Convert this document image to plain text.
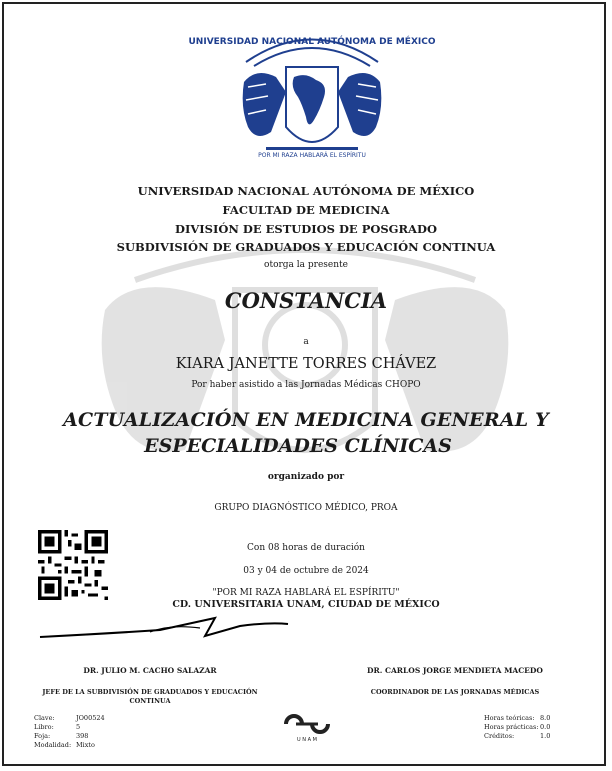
UNIVERSIDAD NACIONAL AUTÓNOMA DE MÉXICO
POR MI RAZA HABLARÁ EL ESPÍRITU
UNIVERSIDAD NACIONAL AUTÓNOMA DE MÉXICO
FACULTAD DE MEDICINA
DIVISIÓN DE ESTUDIOS DE POSGRADO
SUBDIVISIÓN DE GRADUADOS Y EDUCACIÓN CONTINUA
otorga la presente
CONSTANCIA
a
KIARA JANETTE TORRES CHÁVEZ
Por haber asistido a las Jornadas Médicas CHOPO
ACTUALIZACIÓN EN MEDICINA GENERAL Y
ESPECIALIDADES CLÍNICAS
organizado por
GRUPO DIAGNÓSTICO MÉDICO, PROA
Con 08 horas de duración
03 y 04 de octubre de 2024
"POR MI RAZA HABLARÁ EL ESPÍRITU"
CD. UNIVERSITARIA UNAM, CIUDAD DE MÉXICO
DR. JULIO M. CACHO SALAZAR
JEFE DE LA SUBDIVISIÓN DE GRADUADOS Y EDUCACIÓN
CONTINUA
DR. CARLOS JORGE MENDIETA MACEDO
COORDINADOR DE LAS JORNADAS MÉDICAS
Clave:	JO00524
Libro:	5
Foja:	398
Modalidad: Mixto
U N A M
Horas teóricas: 8.0
Horas prácticas: 0.0
Créditos:	1.0
